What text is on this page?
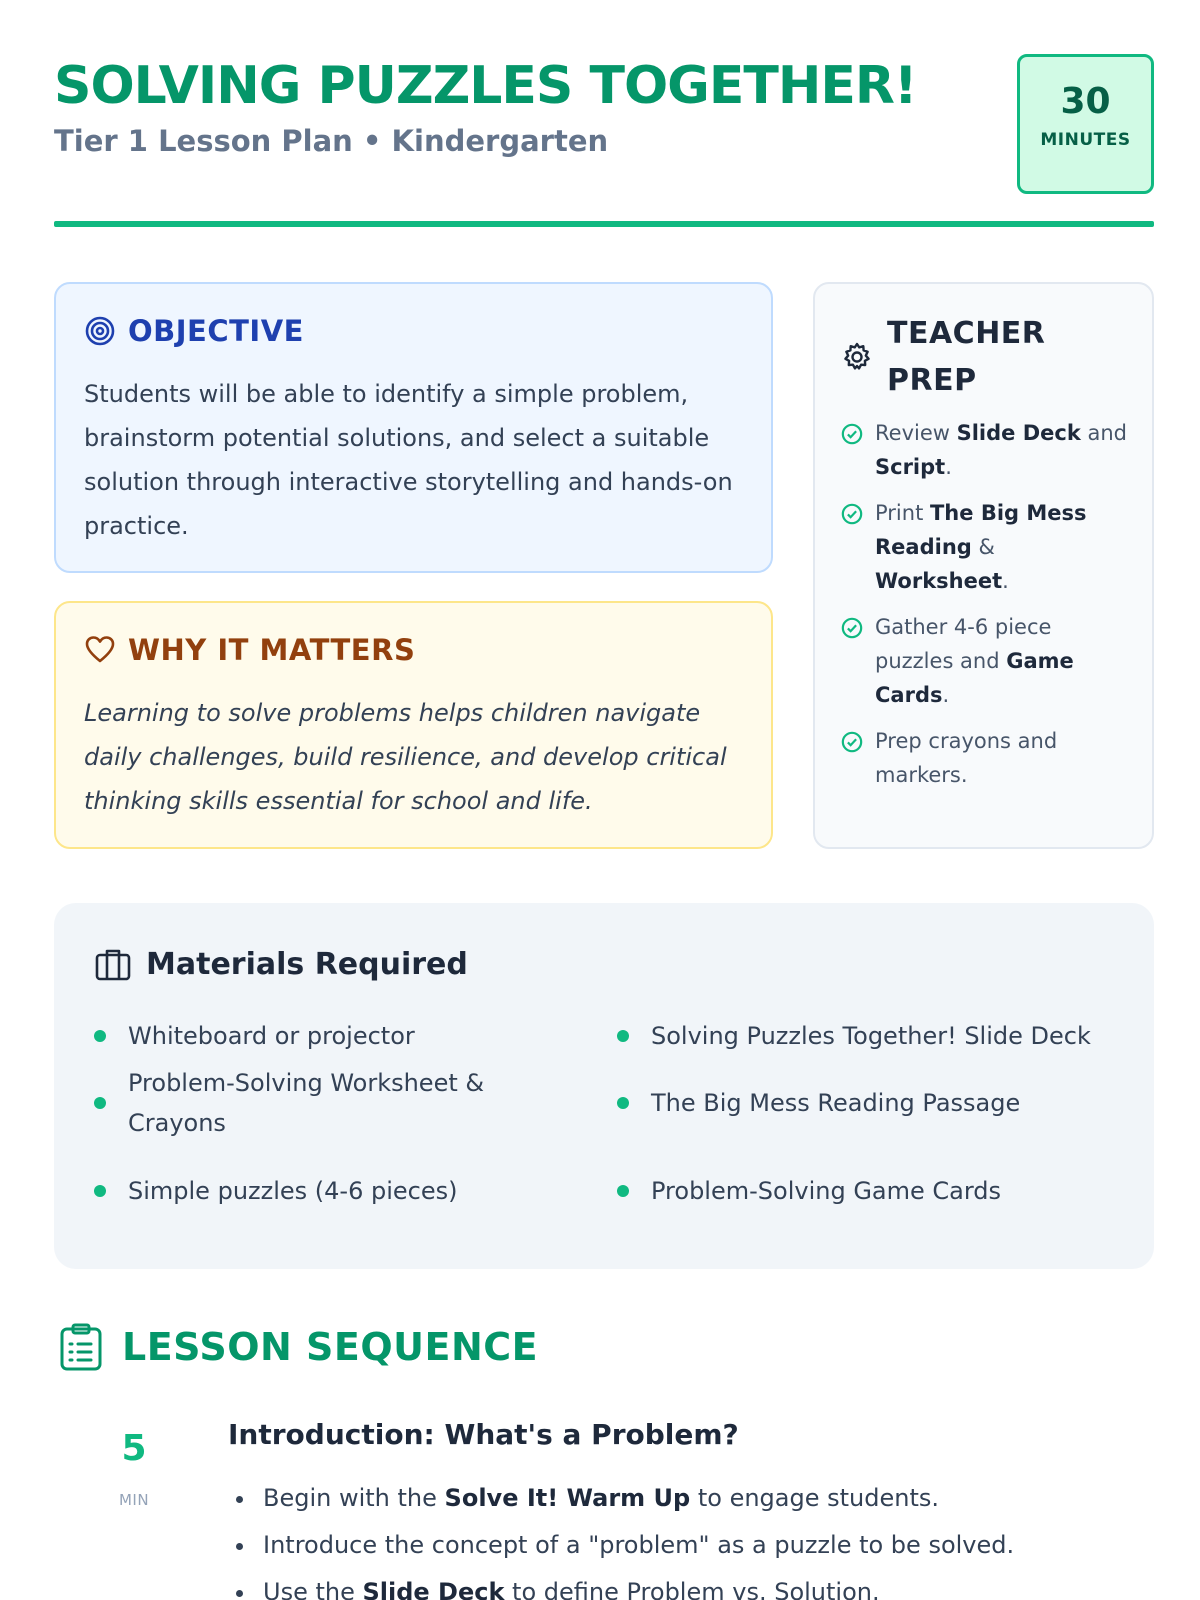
SOLVING PUZZLES TOGETHER!
Tier 1 Lesson Plan • Kindergarten
30
MINUTES
OBJECTIVE

Students will be able to identify a simple problem, brainstorm potential solutions, and select a suitable solution through interactive storytelling and hands-on practice.

WHY IT MATTERS

Learning to solve problems helps children navigate daily challenges, build resilience, and develop critical thinking skills essential for school and life.

TEACHER PREP
Review Slide Deck and Script.
Print The Big Mess Reading & Worksheet.
Gather 4-6 piece puzzles and Game Cards.
Prep crayons and markers.
Materials Required
Whiteboard or projector	Solving Puzzles Together! Slide Deck
Problem-Solving Worksheet & Crayons
The Big Mess Reading Passage
Simple puzzles (4-6 pieces)	Problem-Solving Game Cards
LESSON SEQUENCE
5
MIN
Introduction: What's a Problem?
• Begin with the Solve It! Warm Up to engage students.
• Introduce the concept of a "problem" as a puzzle to be solved.
• Use the Slide Deck to define Problem vs. Solution.
